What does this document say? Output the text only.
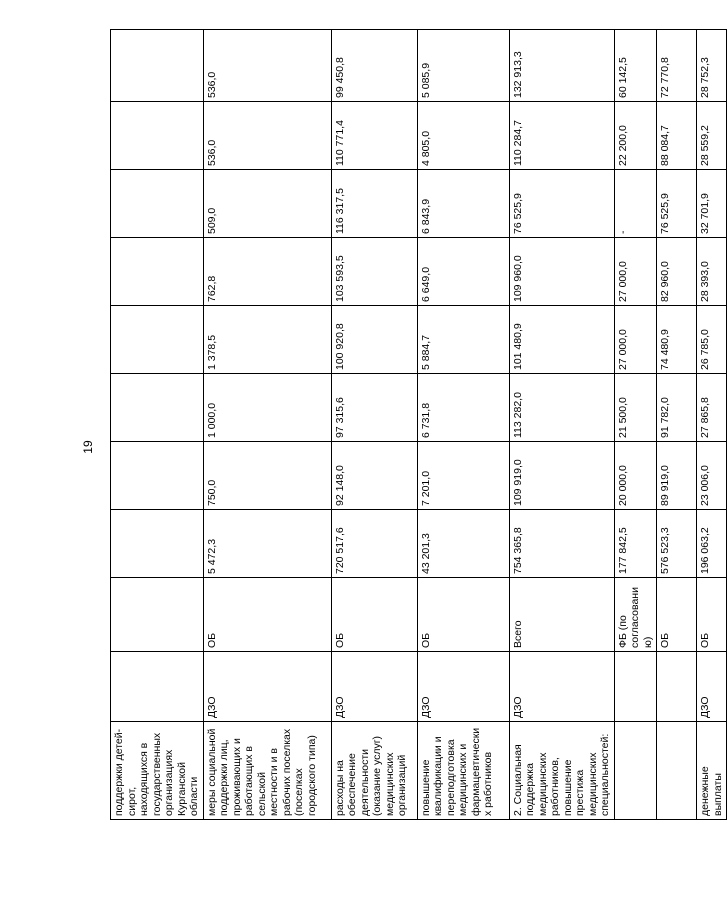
19
поддержки детей-сирот, находящихся в государственных организациях Курганской области										
меры социальной поддержки лиц, проживающих и работающих в сельской местности и в рабочих поселках (поселках городского типа)	ДЗО	ОБ	5 472,3	750,0	1 000,0	1 378,5	762,8	509,0	536,0	536,0
расходы на обеспечение деятельности (оказание услуг) медицинских организаций	ДЗО	ОБ	720 517,6	92 148,0	97 315,6	100 920,8	103 593,5	116 317,5	110 771,4	99 450,8
повышение квалификации и переподготовка медицинских и фармацевтических работников	ДЗО	ОБ	43 201,3	7 201,0	6 731,8	5 884,7	6 649,0	6 843,9	4 805,0	5 085,9
2. Социальная поддержка медицинских работников, повышение престижа медицинских специальностей:	ДЗО	Всего	754 365,8	109 919,0	113 282,0	101 480,9	109 960,0	76 525,9	110 284,7	132 913,3
		ФБ (по согласованию)	177 842,5	20 000,0	21 500,0	27 000,0	27 000,0	-	22 200,0	60 142,5
		ОБ	576 523,3	89 919,0	91 782,0	74 480,9	82 960,0	76 525,9	88 084,7	72 770,8
денежные выплаты	ДЗО	ОБ	196 063,2	23 006,0	27 865,8	26 785,0	28 393,0	32 701,9	28 559,2	28 752,3
